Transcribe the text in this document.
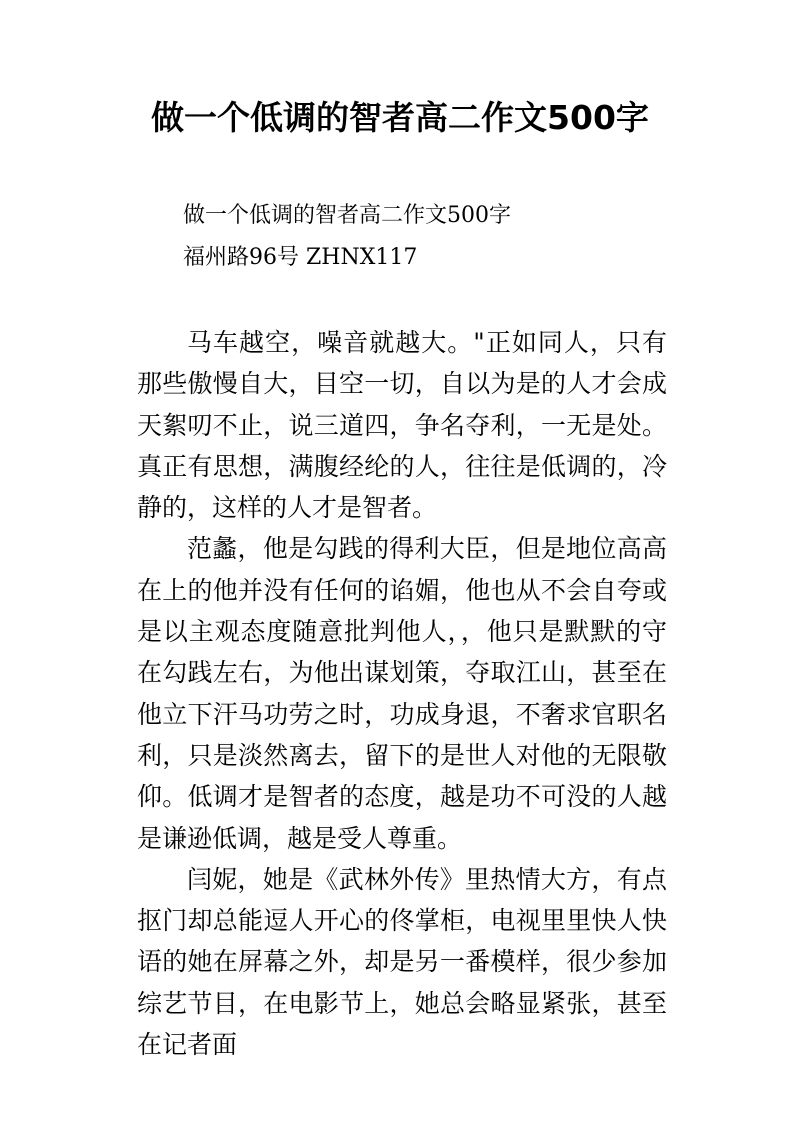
做一个低调的智者高二作文500字
做一个低调的智者高二作文500字
福州路96号 ZHNX117

马车越空，噪音就越大。"正如同人，只有那些傲慢自大，目空一切，自以为是的人才会成天絮叨不止，说三道四，争名夺利，一无是处。真正有思想，满腹经纶的人，往往是低调的，冷静的，这样的人才是智者。

范蠡，他是勾践的得利大臣，但是地位高高在上的他并没有任何的谄媚，他也从不会自夸或是以主观态度随意批判他人，，他只是默默的守在勾践左右，为他出谋划策，夺取江山，甚至在他立下汗马功劳之时，功成身退，不奢求官职名利，只是淡然离去，留下的是世人对他的无限敬仰。低调才是智者的态度，越是功不可没的人越是谦逊低调，越是受人尊重。

闫妮，她是《武林外传》里热情大方，有点抠门却总能逗人开心的佟掌柜，电视里里快人快语的她在屏幕之外，却是另一番模样，很少参加综艺节目，在电影节上，她总会略显紧张，甚至在记者面
